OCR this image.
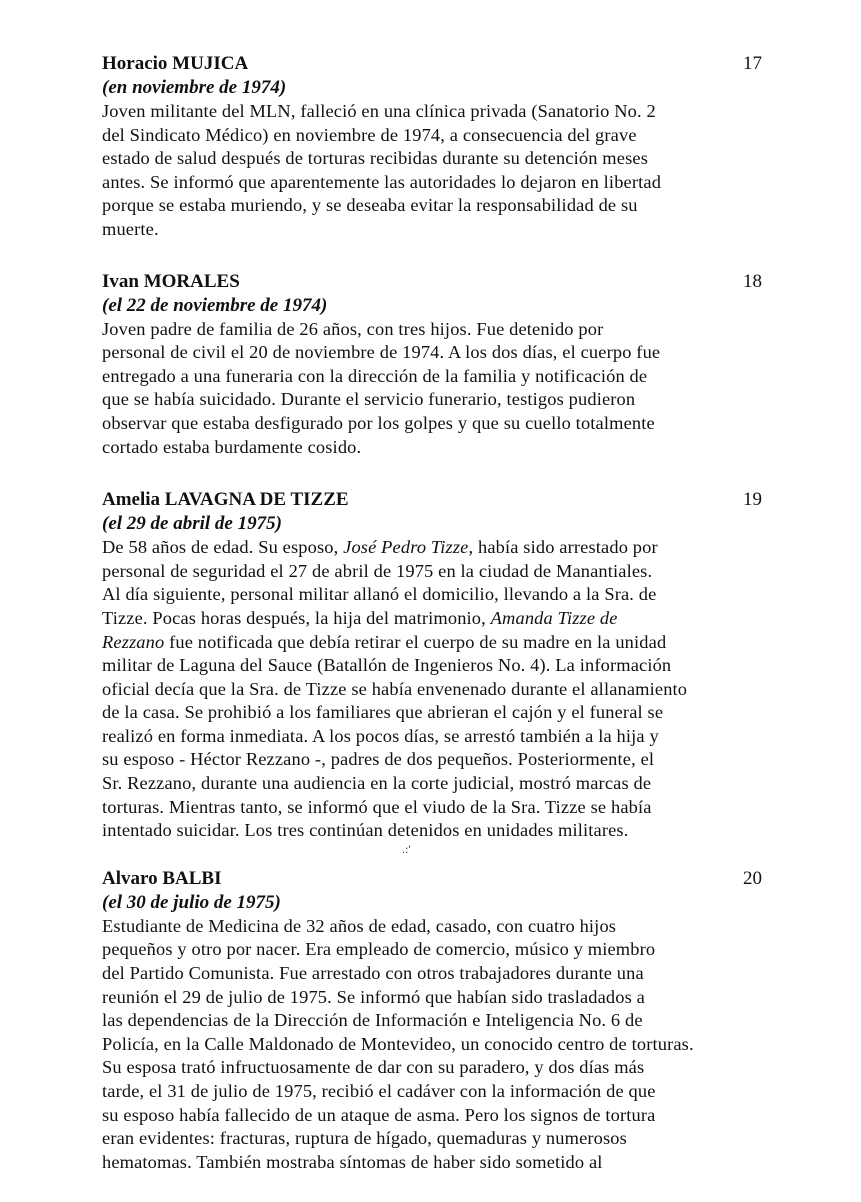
Horacio MUJICA	17
(en noviembre de 1974)
Joven militante del MLN, falleció en una clínica privada (Sanatorio No. 2
del Sindicato Médico) en noviembre de 1974, a consecuencia del grave
estado de salud después de torturas recibidas durante su detención meses
antes. Se informó que aparentemente las autoridades lo dejaron en libertad
porque se estaba muriendo, y se deseaba evitar la responsabilidad de su
muerte.
Ivan MORALES	18
(el 22 de noviembre de 1974)
Joven padre de familia de 26 años, con tres hijos. Fue detenido por
personal de civil el 20 de noviembre de 1974. A los dos días, el cuerpo fue
entregado a una funeraria con la dirección de la familia y notificación de
que se había suicidado. Durante el servicio funerario, testigos pudieron
observar que estaba desfigurado por los golpes y que su cuello totalmente
cortado estaba burdamente cosido.
Amelia LAVAGNA DE TIZZE	19
(el 29 de abril de 1975)
De 58 años de edad. Su esposo, José Pedro Tizze, había sido arrestado por
personal de seguridad el 27 de abril de 1975 en la ciudad de Manantiales.
Al día siguiente, personal militar allanó el domicilio, llevando a la Sra. de
Tizze. Pocas horas después, la hija del matrimonio, Amanda Tizze de
Rezzano fue notificada que debía retirar el cuerpo de su madre en la unidad
militar de Laguna del Sauce (Batallón de Ingenieros No. 4). La información
oficial decía que la Sra. de Tizze se había envenenado durante el allanamiento
de la casa. Se prohibió a los familiares que abrieran el cajón y el funeral se
realizó en forma inmediata. A los pocos días, se arrestó también a la hija y
su esposo - Héctor Rezzano -, padres de dos pequeños. Posteriormente, el
Sr. Rezzano, durante una audiencia en la corte judicial, mostró marcas de
torturas. Mientras tanto, se informó que el viudo de la Sra. Tizze se había
intentado suicidar. Los tres continúan detenidos en unidades militares.
.:'
Alvaro BALBI	20
(el 30 de julio de 1975)
Estudiante de Medicina de 32 años de edad, casado, con cuatro hijos
pequeños y otro por nacer. Era empleado de comercio, músico y miembro
del Partido Comunista. Fue arrestado con otros trabajadores durante una
reunión el 29 de julio de 1975. Se informó que habían sido trasladados a
las dependencias de la Dirección de Información e Inteligencia No. 6 de
Policía, en la Calle Maldonado de Montevideo, un conocido centro de torturas.
Su esposa trató infructuosamente de dar con su paradero, y dos días más
tarde, el 31 de julio de 1975, recibió el cadáver con la información de que
su esposo había fallecido de un ataque de asma. Pero los signos de tortura
eran evidentes: fracturas, ruptura de hígado, quemaduras y numerosos
hematomas. También mostraba síntomas de haber sido sometido al
